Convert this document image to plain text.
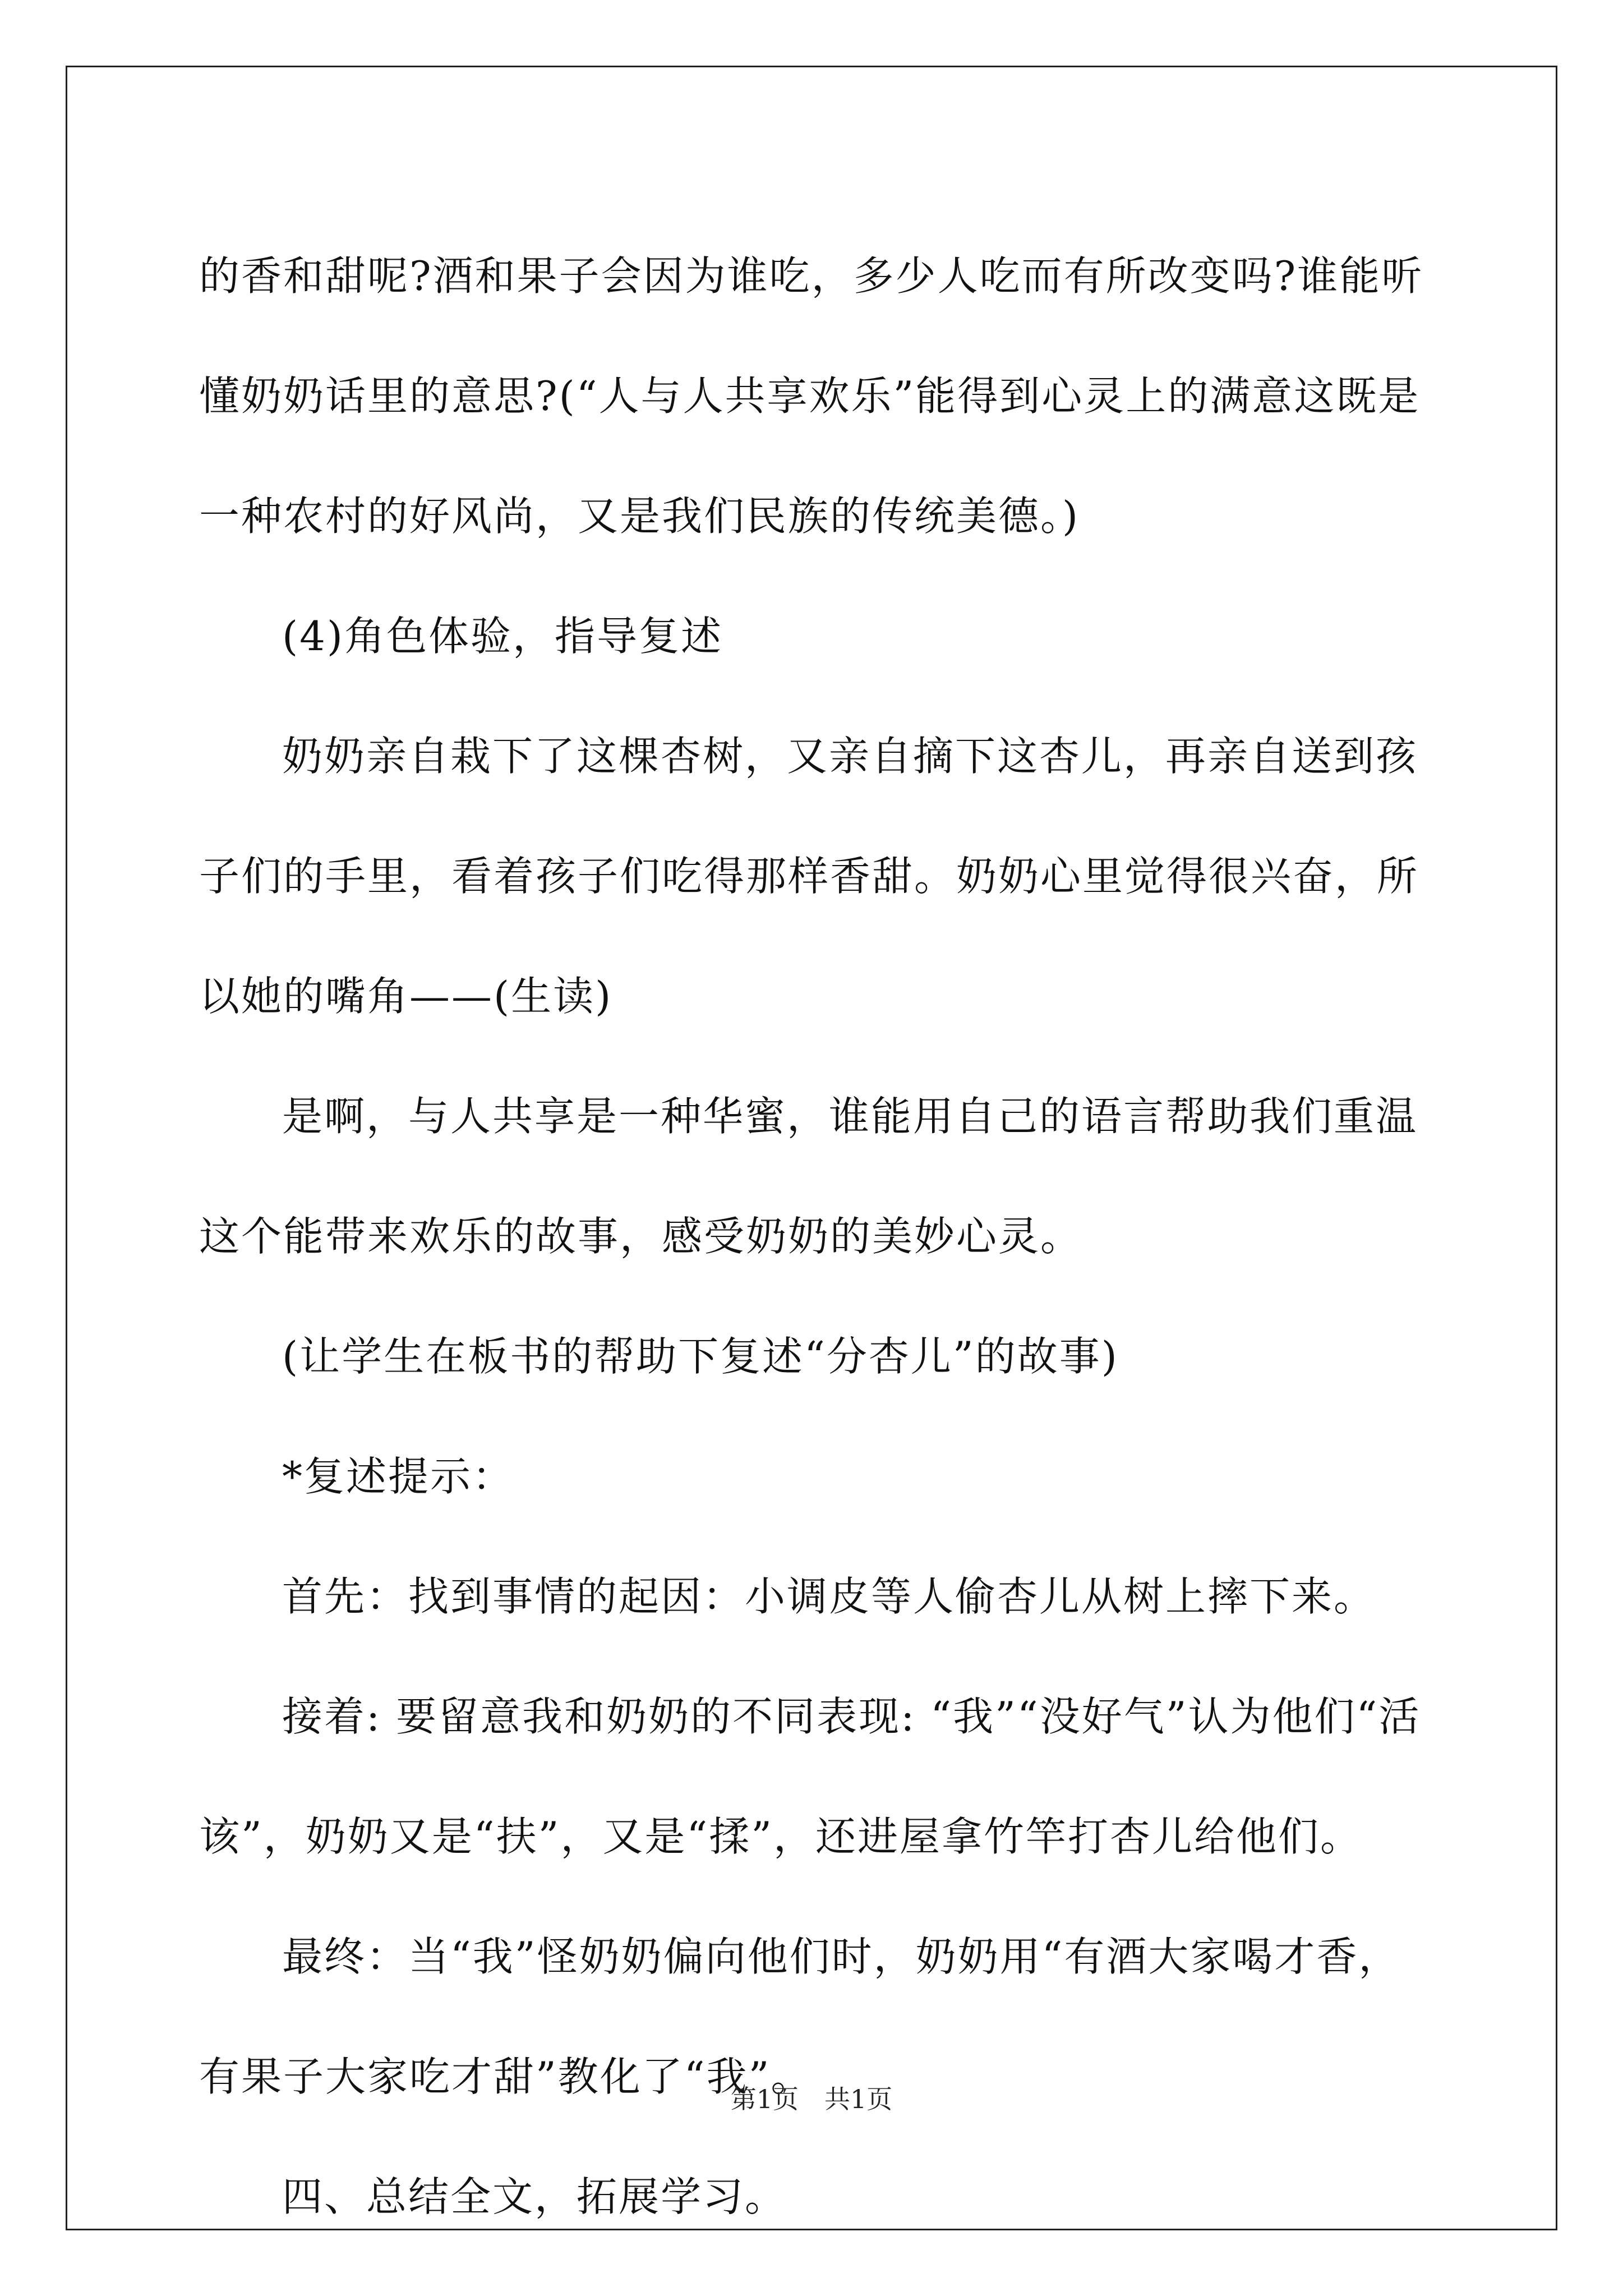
的香和甜呢?酒和果子会因为谁吃，多少人吃而有所改变吗?谁能听懂奶奶话里的意思?(“人与人共享欢乐”能得到心灵上的满意这既是一种农村的好风尚，又是我们民族的传统美德。)

(4)角色体验，指导复述

奶奶亲自栽下了这棵杏树，又亲自摘下这杏儿，再亲自送到孩子们的手里，看着孩子们吃得那样香甜。奶奶心里觉得很兴奋，所以她的嘴角——(生读)

是啊，与人共享是一种华蜜，谁能用自己的语言帮助我们重温这个能带来欢乐的故事，感受奶奶的美妙心灵。

(让学生在板书的帮助下复述“分杏儿”的故事)

*复述提示：

首先：找到事情的起因：小调皮等人偷杏儿从树上摔下来。

接着: 要留意我和奶奶的不同表现: “我”“没好气”认为他们“活该”，奶奶又是“扶”，又是“揉”，还进屋拿竹竿打杏儿给他们。

最终：当“我”怪奶奶偏向他们时，奶奶用“有酒大家喝才香，有果子大家吃才甜”教化了“我”。

四、总结全文，拓展学习。

第1页　共1页
